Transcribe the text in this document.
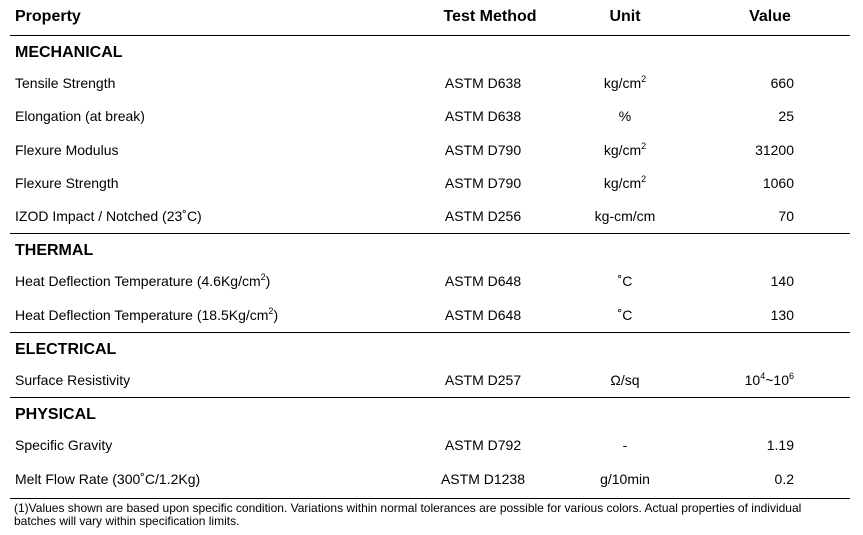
Property	Test Method	Unit	Value
MECHANICAL
Tensile Strength	ASTM D638	$kg/cm^2$	660
Elongation (at break)	ASTM D638	%	25
Flexure Modulus	ASTM D790	$kg/cm^2$	31200
Flexure Strength	ASTM D790	$kg/cm^2$	1060
IZOD Impact / Notched (23˚C)	ASTM D256	kg-cm/cm	70
THERMAL
Heat Deflection Temperature $(4.6Kg/cm^2)$	ASTM D648	˚C	140
Heat Deflection Temperature $(18.5Kg/cm^2)$	ASTM D648	˚C	130
ELECTRICAL
Surface Resistivity	ASTM D257	Ω/sq	$10^4\sim 10^6$
PHYSICAL
Specific Gravity	ASTM D792	-	1.19
Melt Flow Rate (300˚C/1.2Kg)	ASTM D1238	g/10min	0.2
(1)Values shown are based upon specific condition. Variations within normal tolerances are possible for various colors. Actual properties of individual batches will vary within specification limits.
